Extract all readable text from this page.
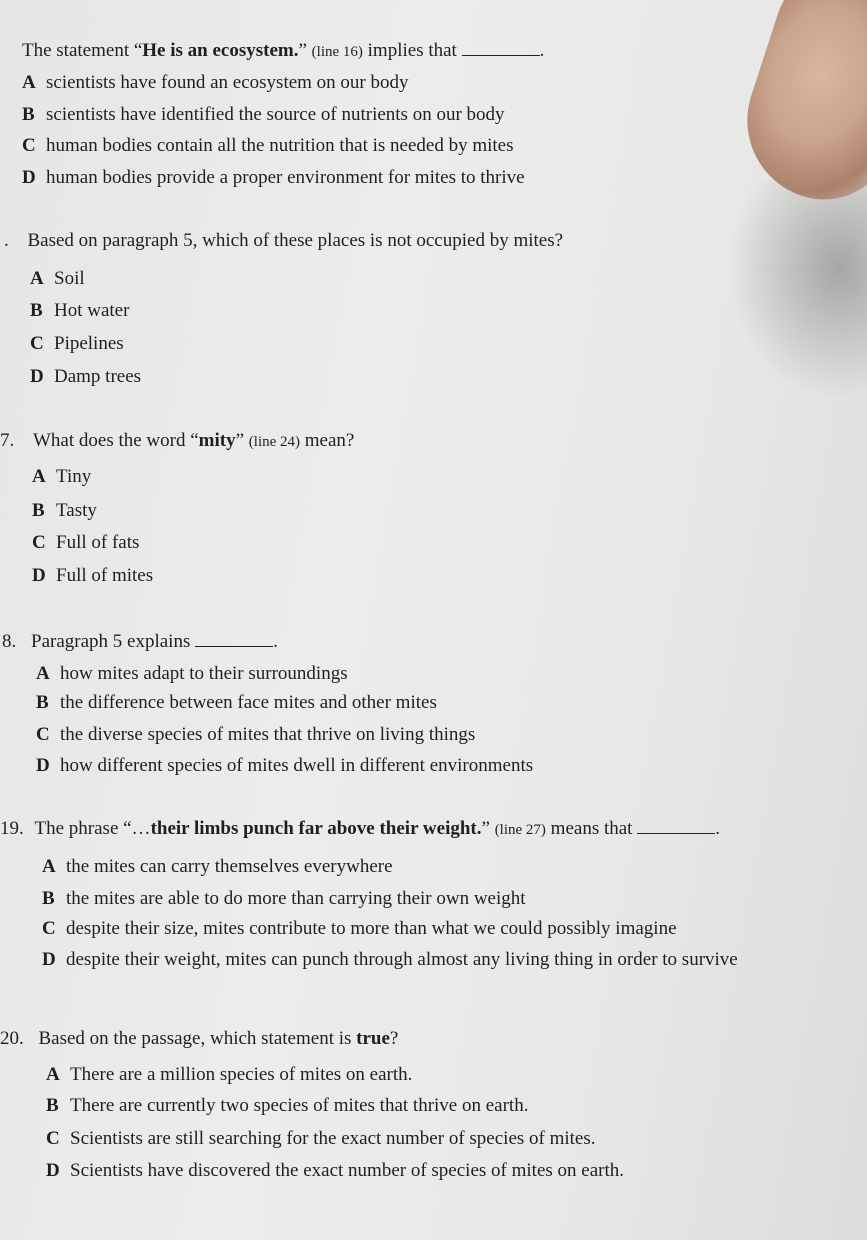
The statement “He is an ecosystem.” (line 16) implies that	.
A scientists have found an ecosystem on our body
B scientists have identified the source of nutrients on our body
C human bodies contain all the nutrition that is needed by mites
D human bodies provide a proper environment for mites to thrive
. Based on paragraph 5, which of these places is not occupied by mites?
A Soil
B Hot water
C Pipelines
D Damp trees
7. What does the word “mity” (line 24) mean?
A Tiny
B Tasty
C Full of fats
D Full of mites
8. Paragraph 5 explains	.
A how mites adapt to their surroundings
B the difference between face mites and other mites
C the diverse species of mites that thrive on living things
D how different species of mites dwell in different environments
19. The phrase “…their limbs punch far above their weight.” (line 27) means that	.
A the mites can carry themselves everywhere
B the mites are able to do more than carrying their own weight
C despite their size, mites contribute to more than what we could possibly imagine
D despite their weight, mites can punch through almost any living thing in order to survive
20. Based on the passage, which statement is true?
A There are a million species of mites on earth.
B There are currently two species of mites that thrive on earth.
C Scientists are still searching for the exact number of species of mites.
D Scientists have discovered the exact number of species of mites on earth.
